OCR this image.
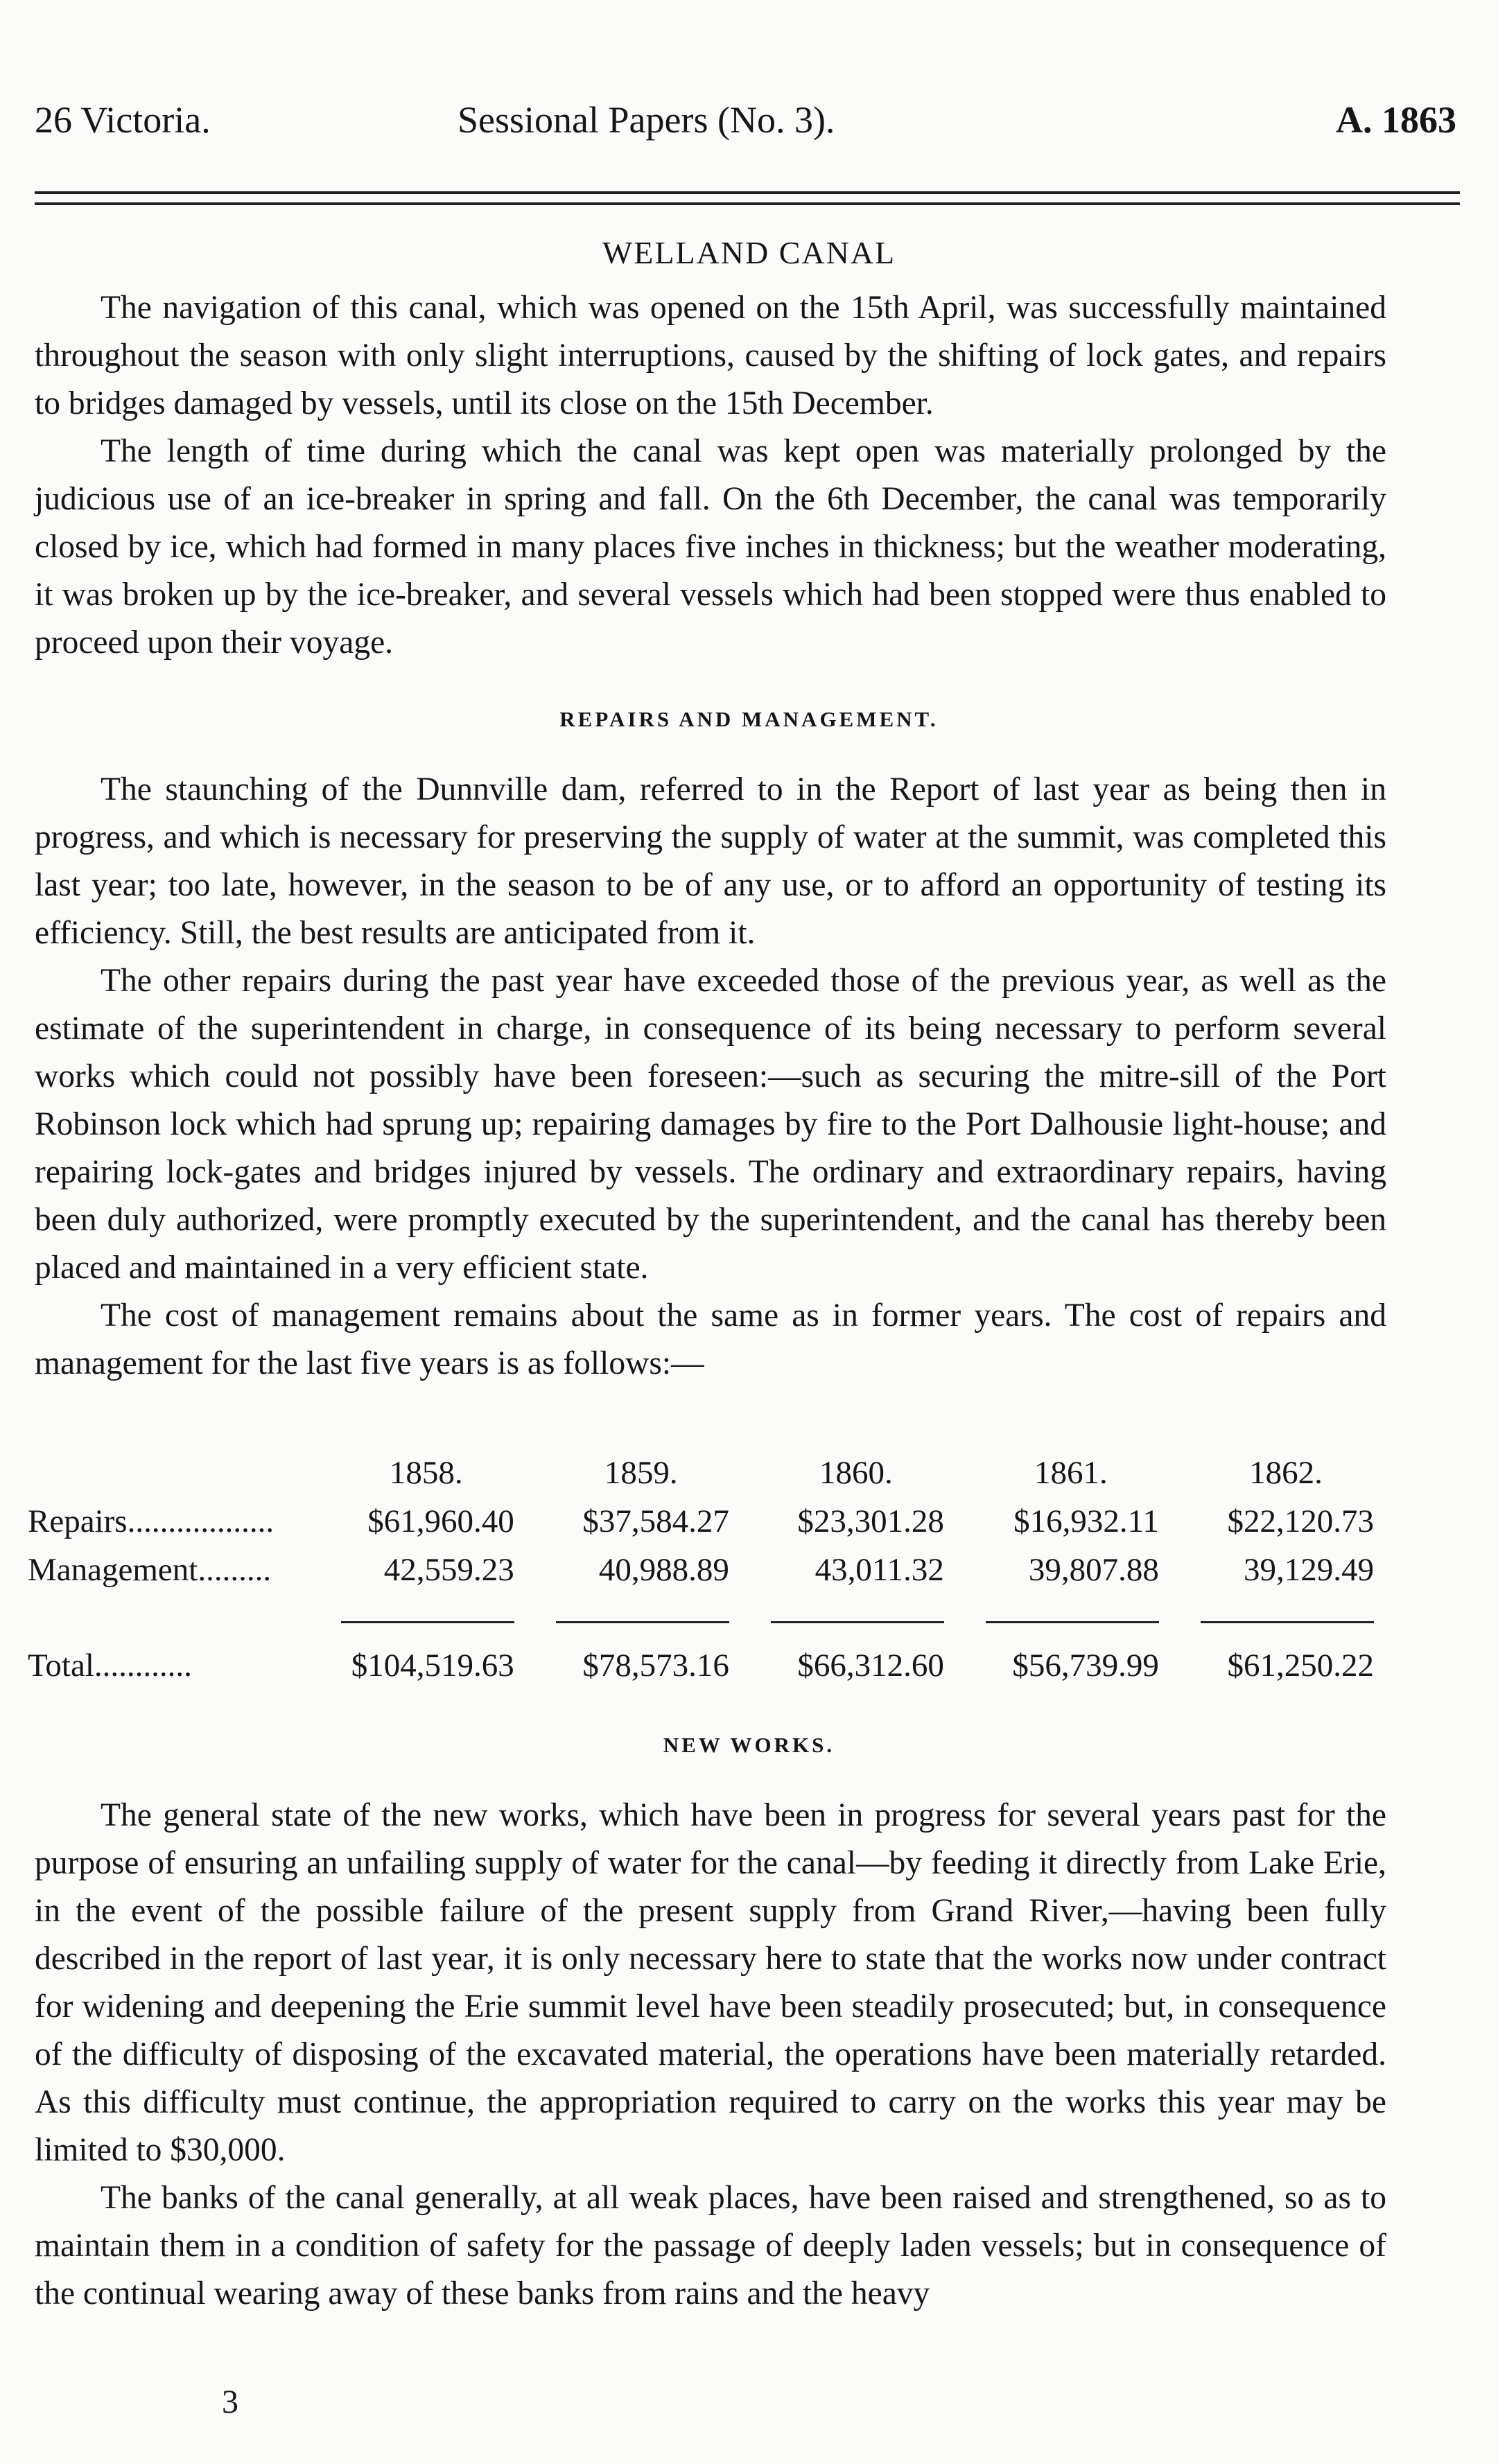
26 Victoria.	Sessional Papers (No. 3).	A. 1863
WELLAND CANAL

The navigation of this canal, which was opened on the 15th April, was successfully maintained throughout the season with only slight interruptions, caused by the shifting of lock gates, and repairs to bridges damaged by vessels, until its close on the 15th December.

The length of time during which the canal was kept open was materially prolonged by the judicious use of an ice-breaker in spring and fall. On the 6th December, the canal was temporarily closed by ice, which had formed in many places five inches in thickness; but the weather moderating, it was broken up by the ice-breaker, and several vessels which had been stopped were thus enabled to proceed upon their voyage.

REPAIRS AND MANAGEMENT.

The staunching of the Dunnville dam, referred to in the Report of last year as being then in progress, and which is necessary for preserving the supply of water at the summit, was completed this last year; too late, however, in the season to be of any use, or to afford an opportunity of testing its efficiency. Still, the best results are anticipated from it.

The other repairs during the past year have exceeded those of the previous year, as well as the estimate of the superintendent in charge, in consequence of its being necessary to perform several works which could not possibly have been foreseen:—such as securing the mitre-sill of the Port Robinson lock which had sprung up; repairing damages by fire to the Port Dalhousie light-house; and repairing lock-gates and bridges injured by vessels. The ordinary and extraordinary repairs, having been duly authorized, were promptly executed by the superintendent, and the canal has thereby been placed and maintained in a very efficient state.

The cost of management remains about the same as in former years. The cost of repairs and management for the last five years is as follows:—

	1858.	1859.	1860.	1861.	1862.
Repairs..................	$61,960.40	$37,584.27	$23,301.28	$16,932.11	$22,120.73
Management.........	42,559.23	40,988.89	43,011.32	39,807.88	39,129.49

Total............	$104,519.63	$78,573.16	$66,312.60	$56,739.99	$61,250.22
NEW WORKS.

The general state of the new works, which have been in progress for several years past for the purpose of ensuring an unfailing supply of water for the canal—by feeding it directly from Lake Erie, in the event of the possible failure of the present supply from Grand River,—having been fully described in the report of last year, it is only necessary here to state that the works now under contract for widening and deepening the Erie summit level have been steadily prosecuted; but, in consequence of the difficulty of disposing of the excavated material, the operations have been materially retarded. As this difficulty must continue, the appropriation required to carry on the works this year may be limited to $30,000.

The banks of the canal generally, at all weak places, have been raised and strengthened, so as to maintain them in a condition of safety for the passage of deeply laden vessels; but in consequence of the continual wearing away of these banks from rains and the heavy

3
